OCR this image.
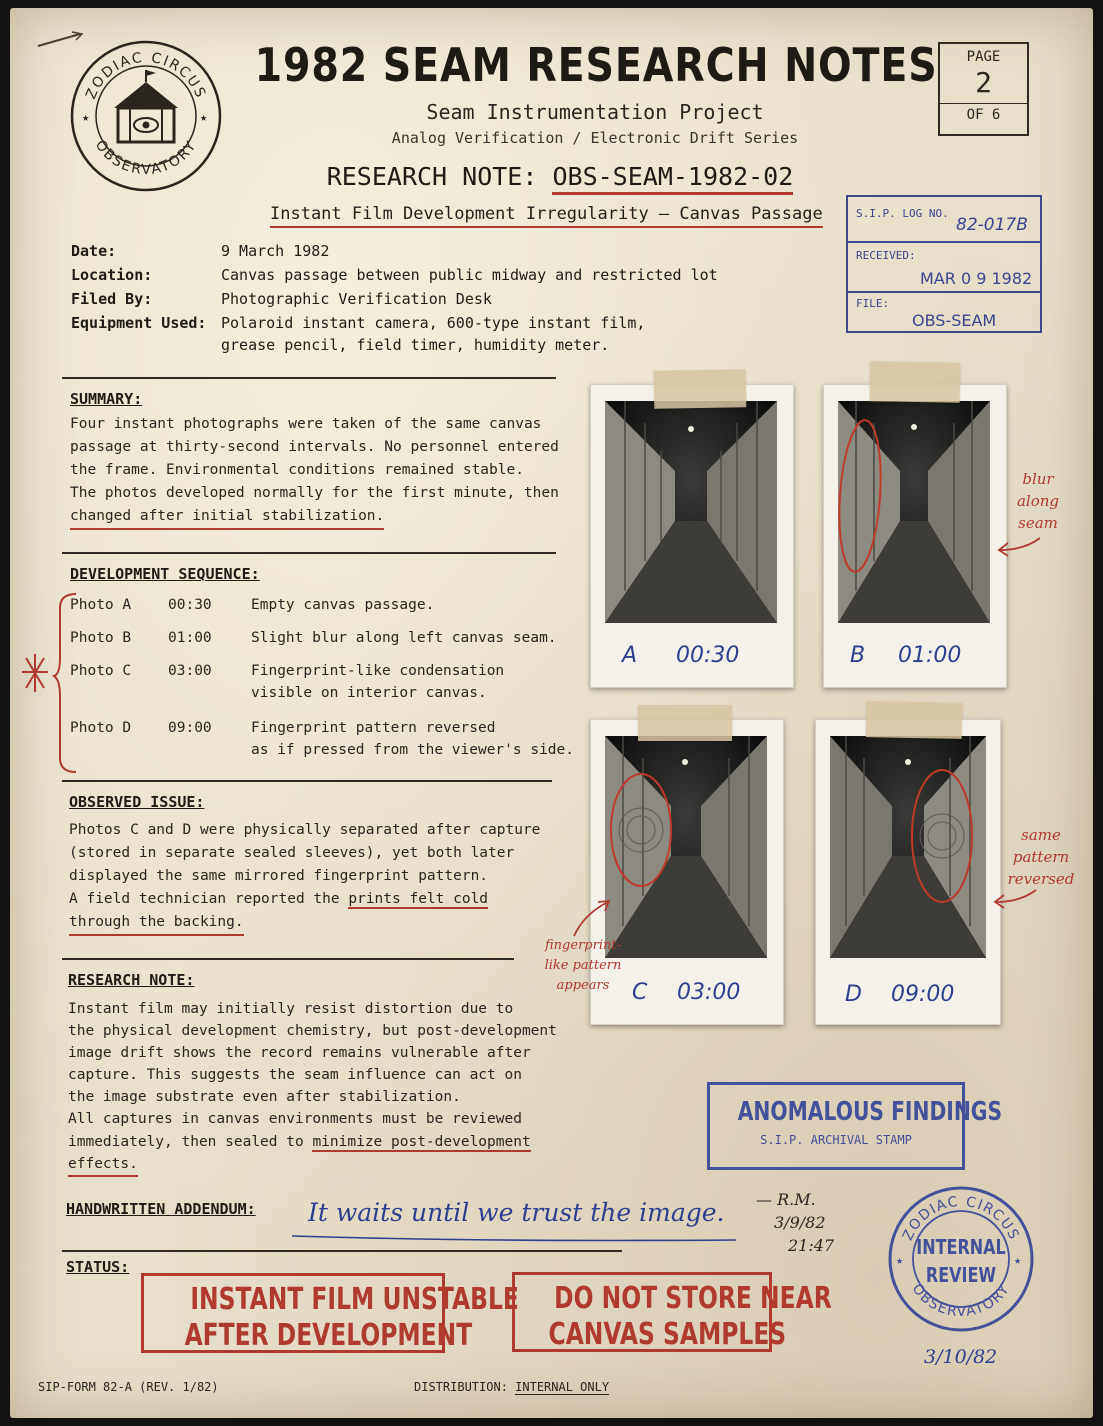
ZODIAC CIRCUS
OBSERVATORY
★	★
1982 SEAM RESEARCH NOTES
Seam Instrumentation Project
Analog Verification / Electronic Drift Series
RESEARCH NOTE: OBS-SEAM-1982-02
Instant Film Development Irregularity — Canvas Passage
PAGE
2
OF 6
Date:	9 March 1982
Location:	Canvas passage between public midway and restricted lot
Filed By:	Photographic Verification Desk
Equipment Used: Polaroid instant camera, 600-type instant film,
grease pencil, field timer, humidity meter.
S.I.P. LOG NO.
82-017B
RECEIVED:
MAR 0 9 1982
FILE:
OBS-SEAM
SUMMARY:
Four instant photographs were taken of the same canvas
passage at thirty-second intervals. No personnel entered
the frame. Environmental conditions remained stable.
The photos developed normally for the first minute, then
changed after initial stabilization.
DEVELOPMENT SEQUENCE:
Photo A	00:30	Empty canvas passage.
Photo B	01:00	Slight blur along left canvas seam.
Photo C	03:00	Fingerprint-like condensation
visible on interior canvas.
Photo D	09:00	Fingerprint pattern reversed
as if pressed from the viewer's side.
OBSERVED ISSUE:
Photos C and D were physically separated after capture
(stored in separate sealed sleeves), yet both later
displayed the same mirrored fingerprint pattern.
A field technician reported the prints felt cold
through the backing.
RESEARCH NOTE:
Instant film may initially resist distortion due to
the physical development chemistry, but post-development
image drift shows the record remains vulnerable after
capture. This suggests the seam influence can act on
the image substrate even after stabilization.
All captures in canvas environments must be reviewed
immediately, then sealed to minimize post-development
effects.
HANDWRITTEN ADDENDUM: It waits until we trust the image. — R.M.
3/9/82
21:47
STATUS:
INSTANT FILM UNSTABLE
AFTER DEVELOPMENT
DO NOT STORE NEAR
CANVAS SAMPLES
A 00:30	B 01:00
C 03:00	D 09:00
blur
along
seam
fingerprint-
like pattern
appears
same
pattern
reversed
ANOMALOUS FINDINGS
S.I.P. ARCHIVAL STAMP
ZODIAC CIRCUS
OBSERVATORY
★	★
INTERNAL
REVIEW
3/10/82
SIP-FORM 82-A (REV. 1/82)	DISTRIBUTION: INTERNAL ONLY
